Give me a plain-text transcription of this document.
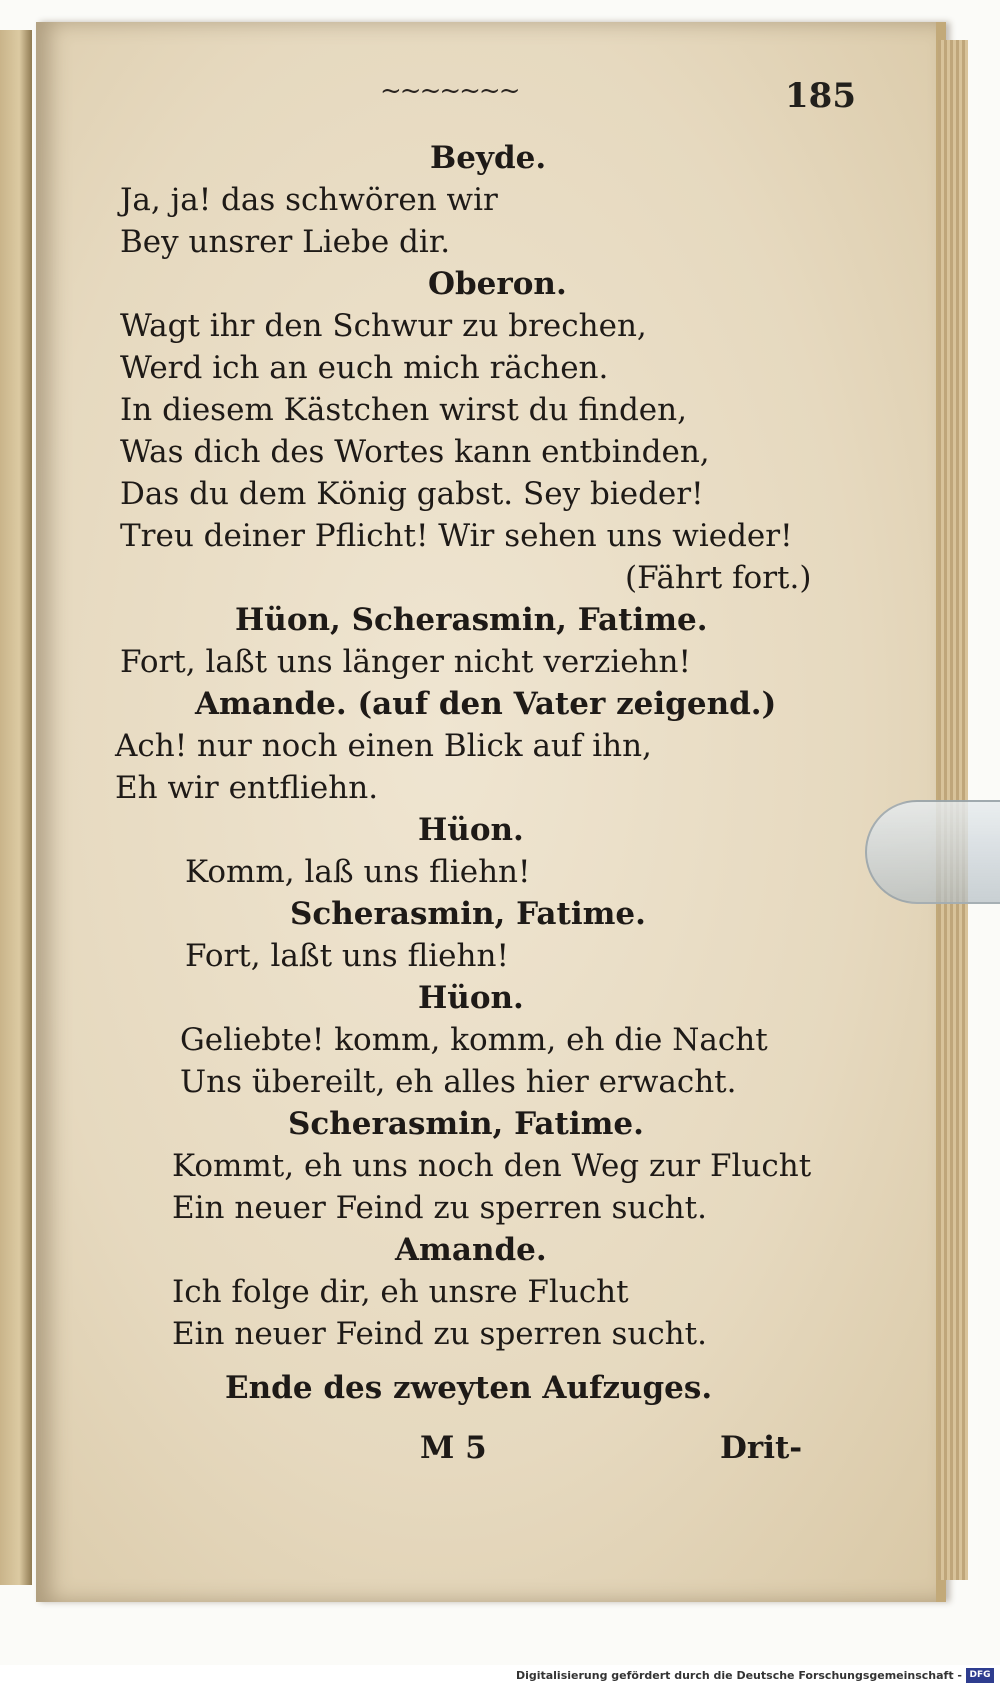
~~~~~~~	185
Beyde.
Ja, ja! das schwören wir
Bey unsrer Liebe dir.
Oberon.
Wagt ihr den Schwur zu brechen,
Werd ich an euch mich rächen.
In diesem Kästchen wirst du finden,
Was dich des Wortes kann entbinden,
Das du dem König gabst. Sey bieder!
Treu deiner Pflicht! Wir sehen uns wieder!
(Fährt fort.)
Hüon, Scherasmin, Fatime.
Fort, laßt uns länger nicht verziehn!
Amande. (auf den Vater zeigend.)
Ach! nur noch einen Blick auf ihn,
Eh wir entfliehn.
Hüon.
Komm, laß uns fliehn!
Scherasmin, Fatime.
Fort, laßt uns fliehn!
Hüon.
Geliebte! komm, komm, eh die Nacht
Uns übereilt, eh alles hier erwacht.
Scherasmin, Fatime.
Kommt, eh uns noch den Weg zur Flucht
Ein neuer Feind zu sperren sucht.
Amande.
Ich folge dir, eh unsre Flucht
Ein neuer Feind zu sperren sucht.
Ende des zweyten Aufzuges.
M 5	Drit-
Digitalisierung gefördert durch die Deutsche Forschungsgemeinschaft - DFG
